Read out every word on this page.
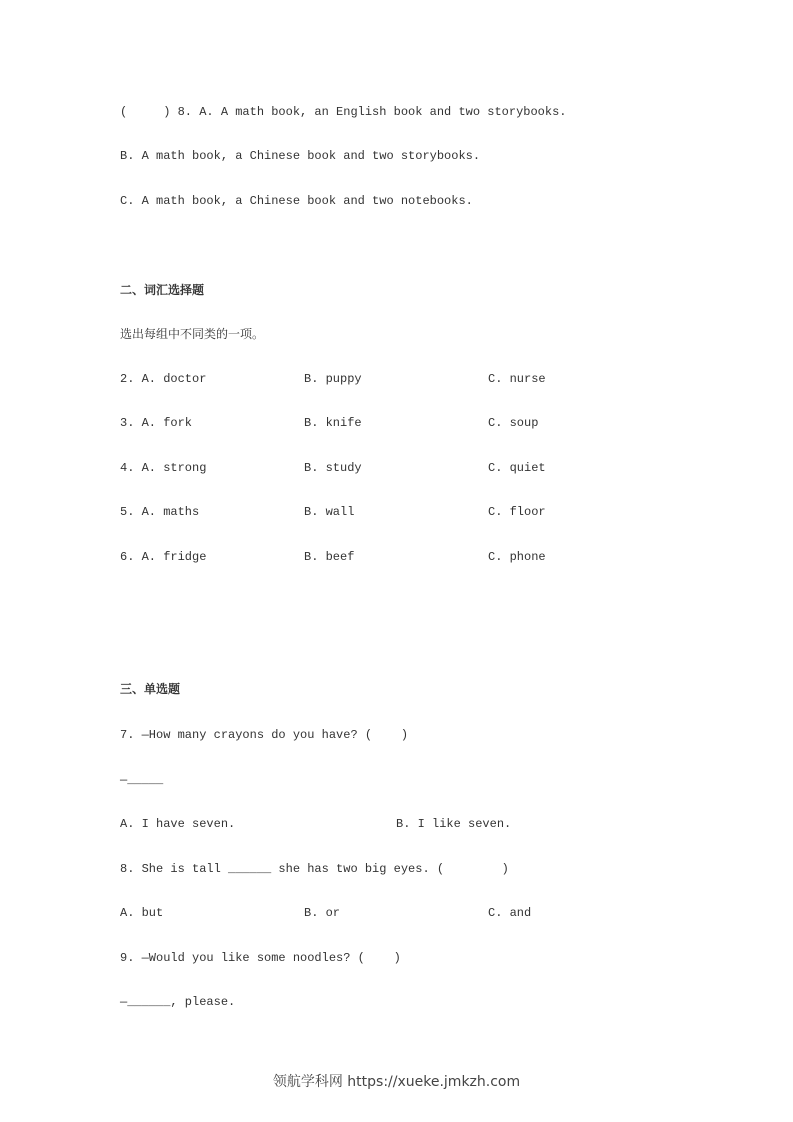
(     ) 8. A. A math book, an English book and two storybooks.
B. A math book, a Chinese book and two storybooks.
C. A math book, a Chinese book and two notebooks.
二、词汇选择题
选出每组中不同类的一项。
2. A. doctor	B. puppy	C. nurse
3. A. fork	B. knife	C. soup
4. A. strong	B. study	C. quiet
5. A. maths	B. wall	C. floor
6. A. fridge	B. beef	C. phone
三、单选题
7. —How many crayons do you have? (    )
—_____
A. I have seven.	B. I like seven.
8. She is tall ______ she has two big eyes. (        )
A. but	B. or	C. and
9. —Would you like some noodles? (    )
—______, please.
领航学科网 https://xueke.jmkzh.com
